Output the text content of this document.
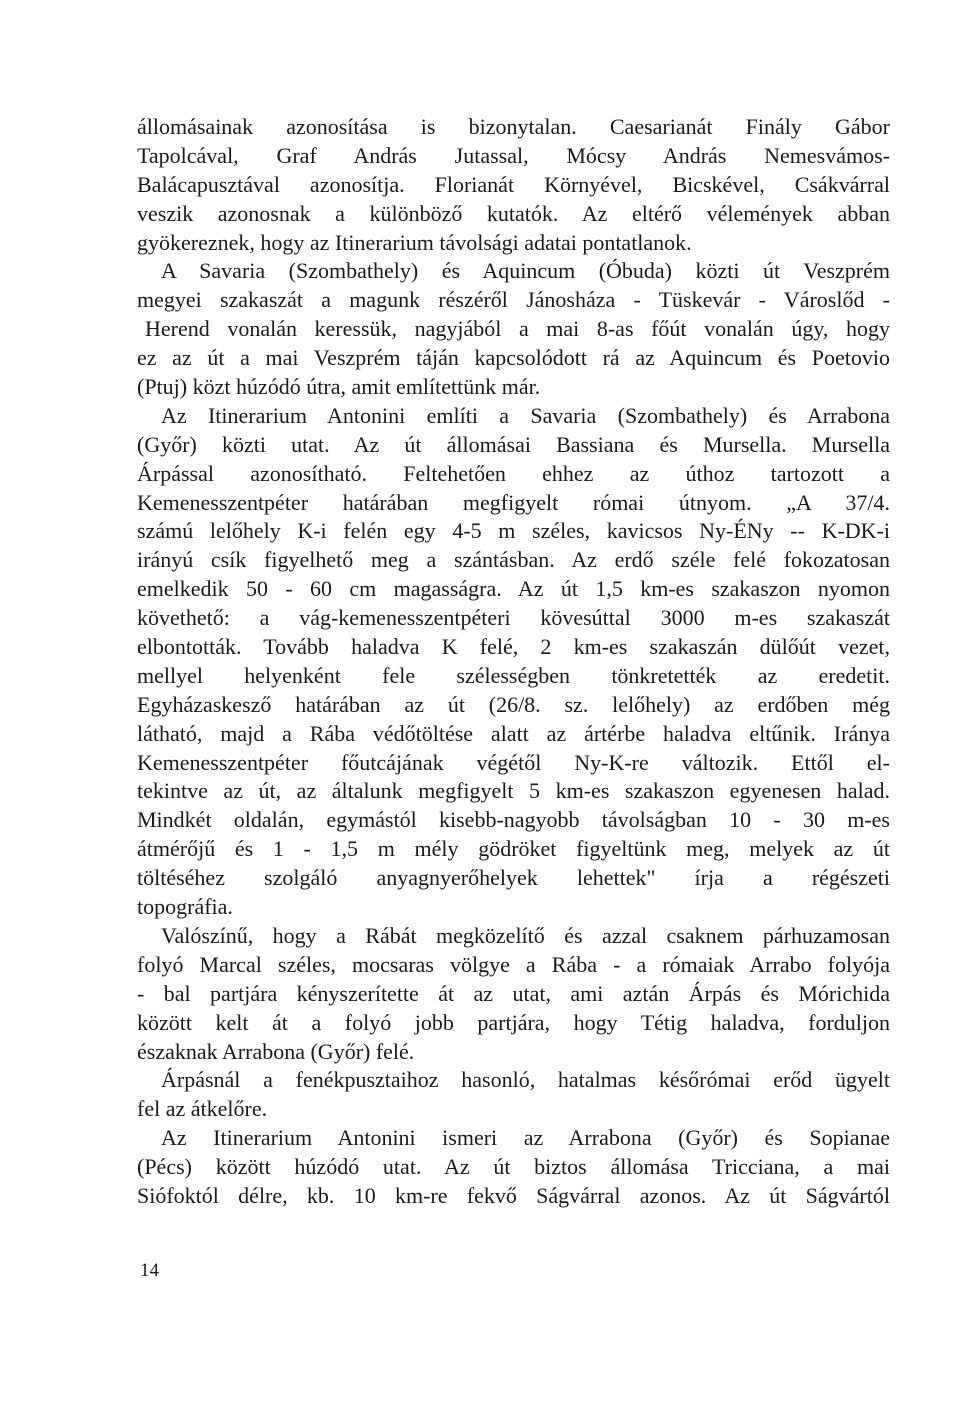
állomásainak azonosítása is bizonytalan. Caesarianát Finály Gábor
Tapolcával, Graf András Jutassal, Mócsy András Nemesvámos-
Balácapusztával azonosítja. Florianát Környével, Bicskével, Csákvárral
veszik azonosnak a különböző kutatók. Az eltérő vélemények abban
gyökereznek, hogy az Itinerarium távolsági adatai pontatlanok.
A Savaria (Szombathely) és Aquincum (Óbuda) közti út Veszprém
megyei szakaszát a magunk részéről Jánosháza - Tüskevár - Városlőd -
Herend vonalán keressük, nagyjából a mai 8-as főút vonalán úgy, hogy
ez az út a mai Veszprém táján kapcsolódott rá az Aquincum és Poetovio
(Ptuj) közt húzódó útra, amit említettünk már.
Az Itinerarium Antonini említi a Savaria (Szombathely) és Arrabona
(Győr) közti utat. Az út állomásai Bassiana és Mursella. Mursella
Árpással azonosítható. Feltehetően ehhez az úthoz tartozott a
Kemenesszentpéter határában megfigyelt római útnyom. „A 37/4.
számú lelőhely K-i felén egy 4-5 m széles, kavicsos Ny-ÉNy -- K-DK-i
irányú csík figyelhető meg a szántásban. Az erdő széle felé fokozatosan
emelkedik 50 - 60 cm magasságra. Az út 1,5 km-es szakaszon nyomon
követhető: a vág-kemenesszentpéteri kövesúttal 3000 m-es szakaszát
elbontották. Tovább haladva K felé, 2 km-es szakaszán dülőút vezet,
mellyel helyenként fele szélességben tönkretették az eredetit.
Egyházaskesző határában az út (26/8. sz. lelőhely) az erdőben még
látható, majd a Rába védőtöltése alatt az ártérbe haladva eltűnik. Iránya
Kemenesszentpéter főutcájának végétől Ny-K-re változik. Ettől el-
tekintve az út, az általunk megfigyelt 5 km-es szakaszon egyenesen halad.
Mindkét oldalán, egymástól kisebb-nagyobb távolságban 10 - 30 m-es
átmérőjű és 1 - 1,5 m mély gödröket figyeltünk meg, melyek az út
töltéséhez szolgáló anyagnyerőhelyek lehettek" írja a régészeti
topográfia.
Valószínű, hogy a Rábát megközelítő és azzal csaknem párhuzamosan
folyó Marcal széles, mocsaras völgye a Rába - a rómaiak Arrabo folyója
- bal partjára kényszerítette át az utat, ami aztán Árpás és Mórichida
között kelt át a folyó jobb partjára, hogy Tétig haladva, forduljon
északnak Arrabona (Győr) felé.
Árpásnál a fenékpusztaihoz hasonló, hatalmas későrómai erőd ügyelt
fel az átkelőre.
Az Itinerarium Antonini ismeri az Arrabona (Győr) és Sopianae
(Pécs) között húzódó utat. Az út biztos állomása Tricciana, a mai
Siófoktól délre, kb. 10 km-re fekvő Ságvárral azonos. Az út Ságvártól
14
